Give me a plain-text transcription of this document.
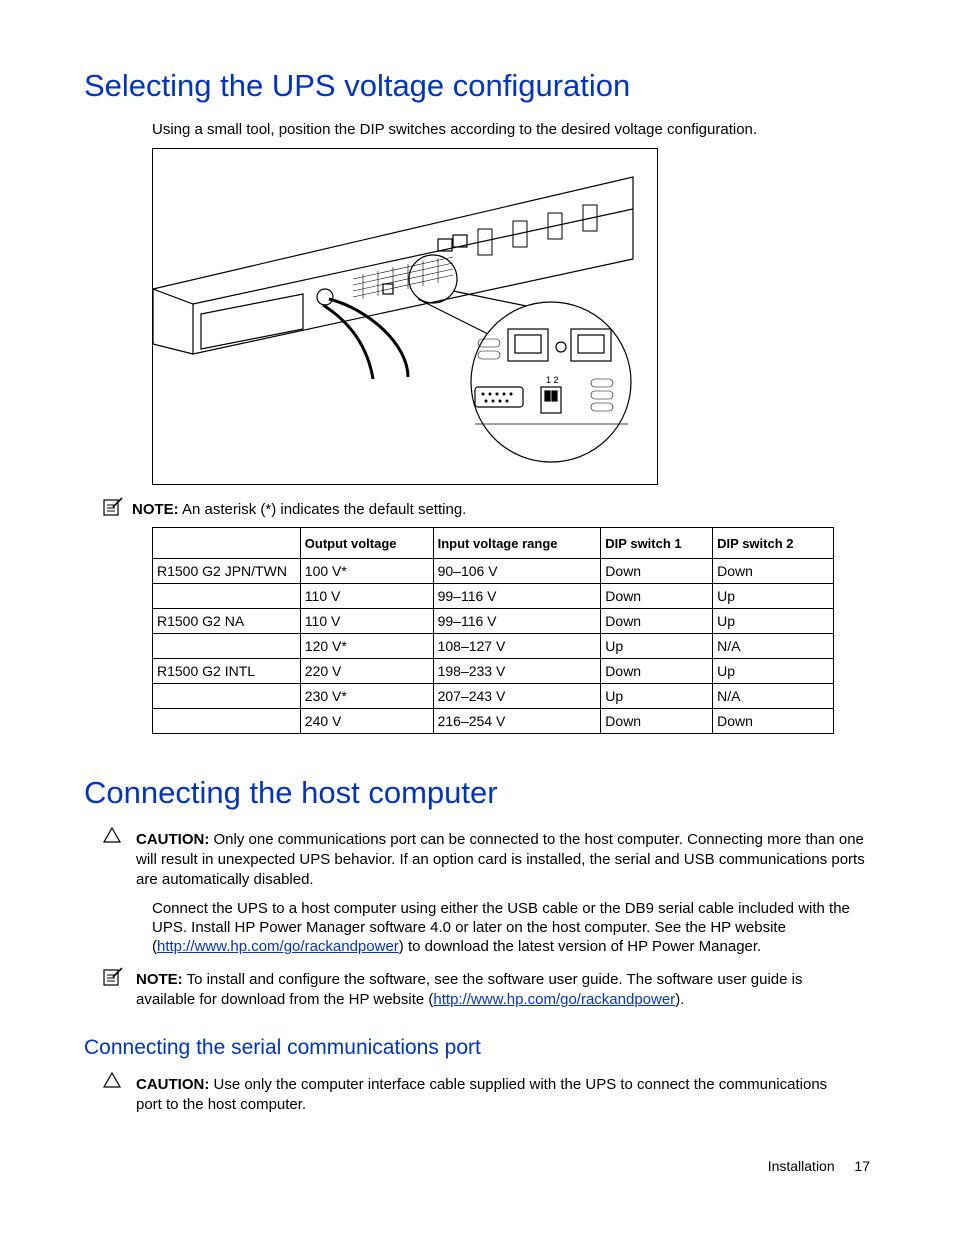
Selecting the UPS voltage configuration

Using a small tool, position the DIP switches according to the desired voltage configuration.

1 2

NOTE: An asterisk (*) indicates the default setting.

	Output voltage	Input voltage range	DIP switch 1	DIP switch 2
R1500 G2 JPN/TWN	100 V*	90–106 V	Down	Down
	110 V	99–116 V	Down	Up
R1500 G2 NA	110 V	99–116 V	Down	Up
	120 V*	108–127 V	Up	N/A
R1500 G2 INTL	220 V	198–233 V	Down	Up
	230 V*	207–243 V	Up	N/A
	240 V	216–254 V	Down	Down
Connecting the host computer

CAUTION: Only one communications port can be connected to the host computer. Connecting more than one will result in unexpected UPS behavior. If an option card is installed, the serial and USB communications ports are automatically disabled.

Connect the UPS to a host computer using either the USB cable or the DB9 serial cable included with the UPS. Install HP Power Manager software 4.0 or later on the host computer. See the HP website (http://www.hp.com/go/rackandpower) to download the latest version of HP Power Manager.

NOTE: To install and configure the software, see the software user guide. The software user guide is available for download from the HP website (http://www.hp.com/go/rackandpower).

Connecting the serial communications port

CAUTION: Use only the computer interface cable supplied with the UPS to connect the communications port to the host computer.

Installation 17
